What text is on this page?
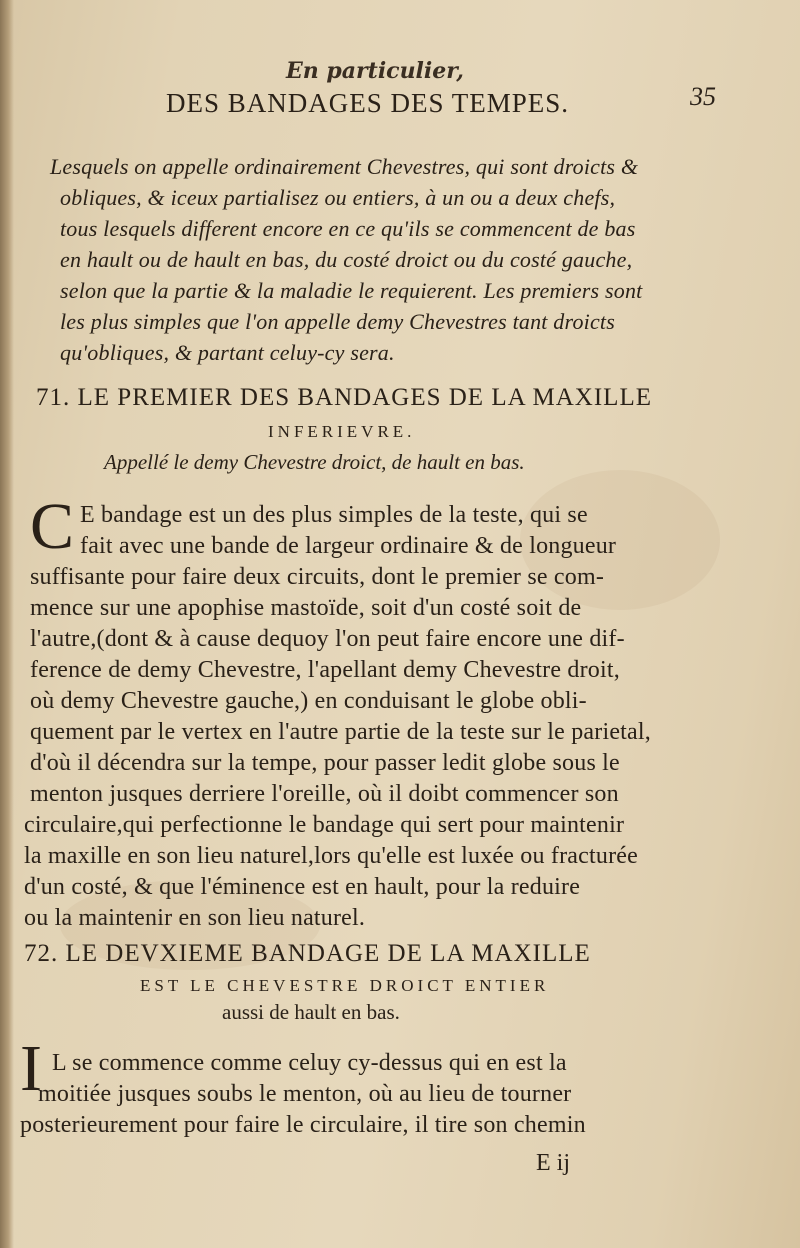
En particulier,

DES BANDAGES DES TEMPES.	35

Lesquels on appelle ordinairement Chevestres, qui sont droicts &

obliques, & iceux partialisez ou entiers, à un ou a deux chefs,

tous lesquels different encore en ce qu'ils se commencent de bas

en hault ou de hault en bas, du costé droict ou du costé gauche,

selon que la partie & la maladie le requierent. Les premiers sont

les plus simples que l'on appelle demy Chevestres tant droicts

qu'obliques, & partant celuy-cy sera.

71. LE PREMIER DES BANDAGES DE LA MAXILLE

INFERIEVRE.

Appellé le demy Chevestre droict, de hault en bas.

C E bandage est un des plus simples de la teste, qui se

fait avec une bande de largeur ordinaire & de longueur

suffisante pour faire deux circuits, dont le premier se com-

mence sur une apophise mastoïde, soit d'un costé soit de

l'autre,(dont & à cause dequoy l'on peut faire encore une dif-

ference de demy Chevestre, l'apellant demy Chevestre droit,

où demy Chevestre gauche,) en conduisant le globe obli-

quement par le vertex en l'autre partie de la teste sur le parietal,

d'où il décendra sur la tempe, pour passer ledit globe sous le

menton jusques derriere l'oreille, où il doibt commencer son

circulaire,qui perfectionne le bandage qui sert pour maintenir

la maxille en son lieu naturel,lors qu'elle est luxée ou fracturée

d'un costé, & que l'éminence est en hault, pour la reduire

ou la maintenir en son lieu naturel.

72. LE DEVXIEME BANDAGE DE LA MAXILLE

EST LE CHEVESTRE DROICT ENTIER

aussi de hault en bas.

I L se commence comme celuy cy-dessus qui en est la

moitiée jusques soubs le menton, où au lieu de tourner

posterieurement pour faire le circulaire, il tire son chemin

E ij
